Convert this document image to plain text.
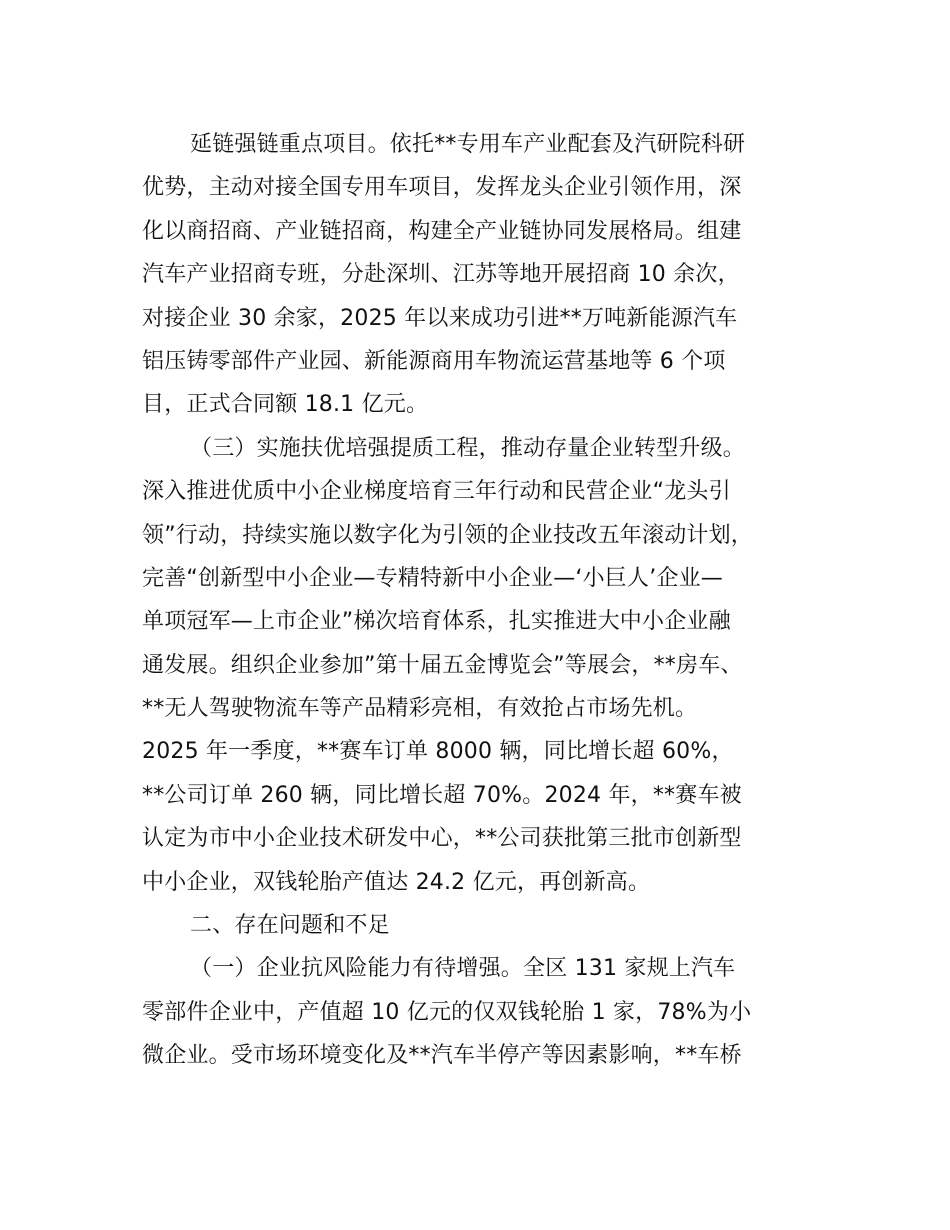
延链强链重点项目。依托**专用车产业配套及汽研院科研
优势，主动对接全国专用车项目，发挥龙头企业引领作用，深
化以商招商、产业链招商，构建全产业链协同发展格局。组建
汽车产业招商专班，分赴深圳、江苏等地开展招商 10 余次，
对接企业 30 余家，2025 年以来成功引进**万吨新能源汽车
铝压铸零部件产业园、新能源商用车物流运营基地等 6 个项
目，正式合同额 18.1 亿元。
（三）实施扶优培强提质工程，推动存量企业转型升级。
深入推进优质中小企业梯度培育三年行动和民营企业“龙头引
领”行动，持续实施以数字化为引领的企业技改五年滚动计划，
完善“创新型中小企业—专精特新中小企业—‘小巨人’企业—
单项冠军—上市企业”梯次培育体系，扎实推进大中小企业融
通发展。组织企业参加”第十届五金博览会”等展会，**房车、
**无人驾驶物流车等产品精彩亮相，有效抢占市场先机。
2025 年一季度，**赛车订单 8000 辆，同比增长超 60%，
**公司订单 260 辆，同比增长超 70%。2024 年，**赛车被
认定为市中小企业技术研发中心，**公司获批第三批市创新型
中小企业，双钱轮胎产值达 24.2 亿元，再创新高。
二、存在问题和不足
（一）企业抗风险能力有待增强。全区 131 家规上汽车
零部件企业中，产值超 10 亿元的仅双钱轮胎 1 家，78%为小
微企业。受市场环境变化及**汽车半停产等因素影响，**车桥
